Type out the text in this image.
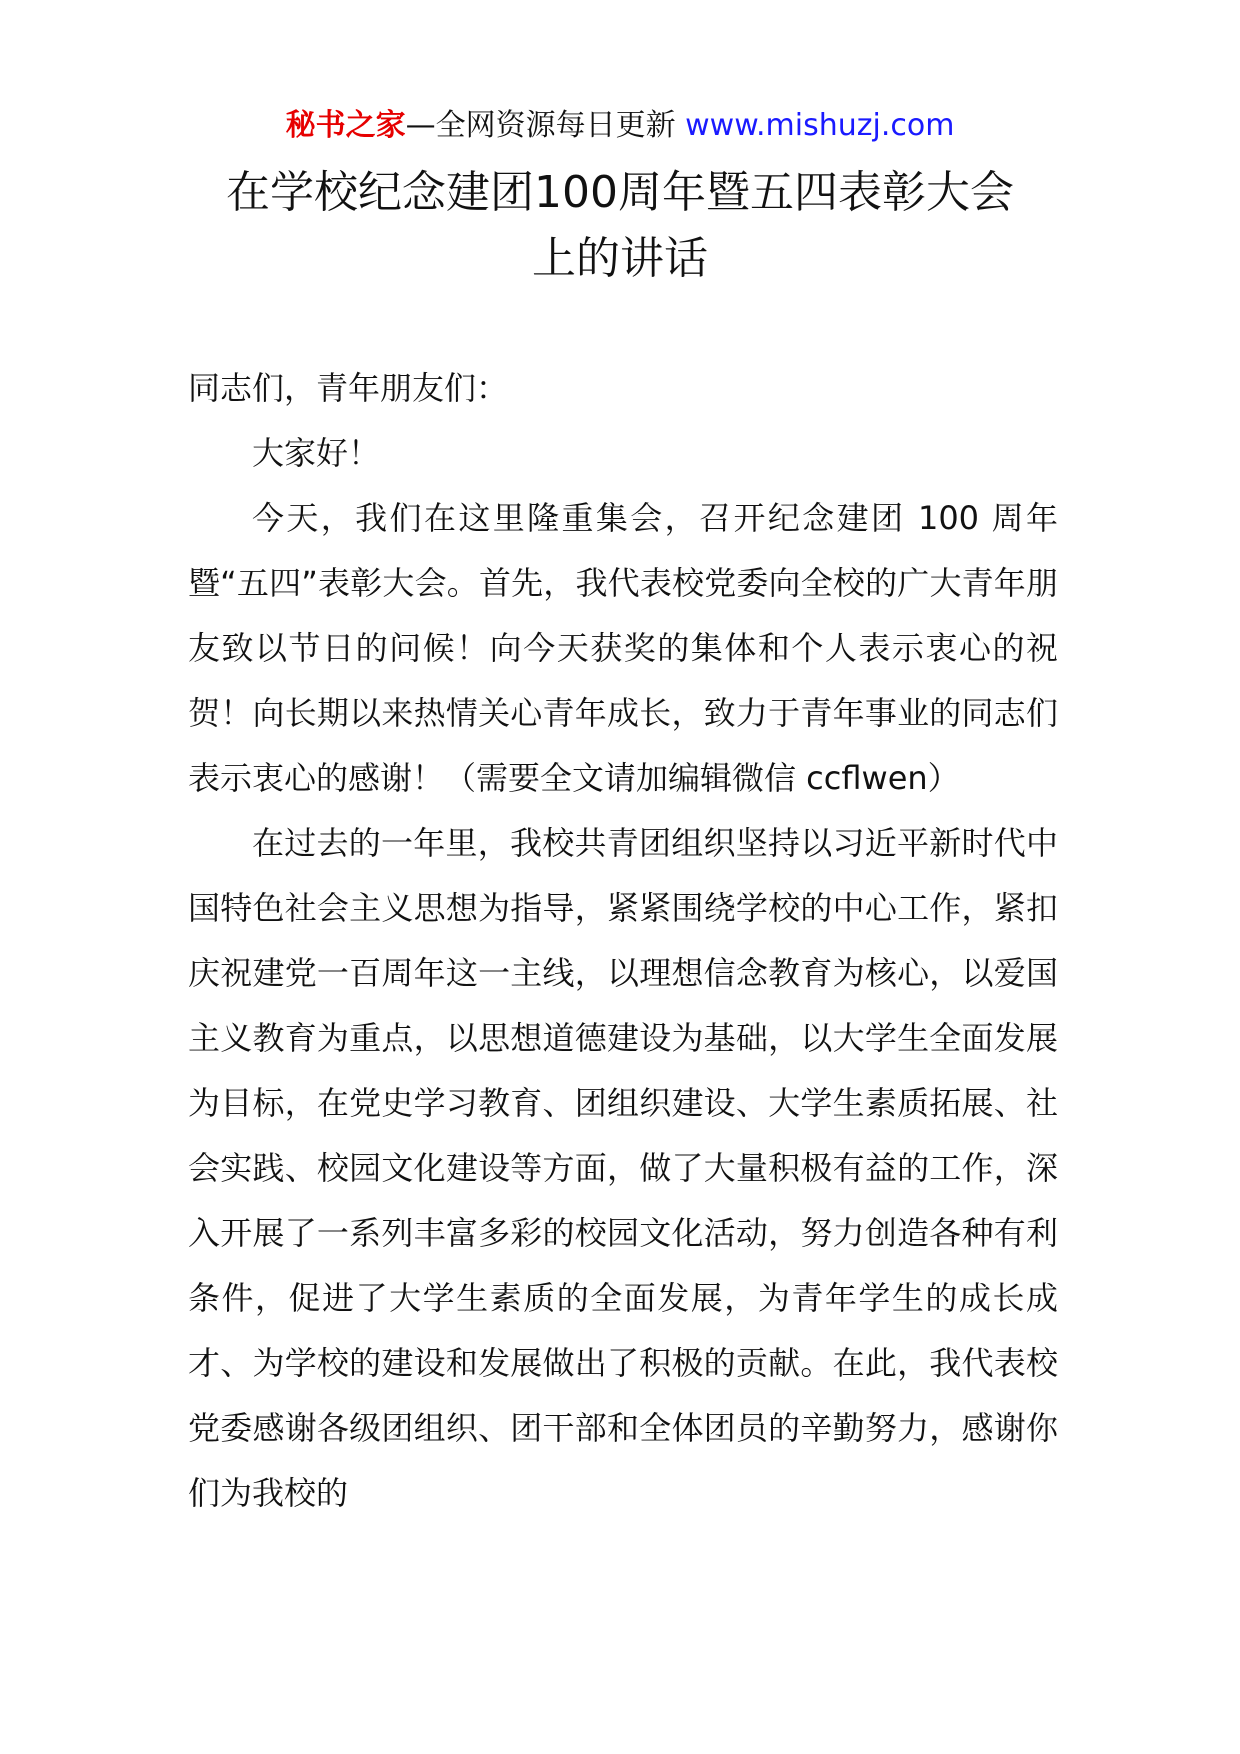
秘书之家—全网资源每日更新 www.mishuzj.com
在学校纪念建团100周年暨五四表彰大会
上的讲话

同志们，青年朋友们：

大家好！

今天，我们在这里隆重集会，召开纪念建团 100 周年暨“五四”表彰大会。首先，我代表校党委向全校的广大青年朋友致以节日的问候！向今天获奖的集体和个人表示衷心的祝贺！向长期以来热情关心青年成长，致力于青年事业的同志们表示衷心的感谢！（需要全文请加编辑微信 ccflwen）

在过去的一年里，我校共青团组织坚持以习近平新时代中国特色社会主义思想为指导，紧紧围绕学校的中心工作，紧扣庆祝建党一百周年这一主线，以理想信念教育为核心，以爱国主义教育为重点，以思想道德建设为基础，以大学生全面发展为目标，在党史学习教育、团组织建设、大学生素质拓展、社会实践、校园文化建设等方面，做了大量积极有益的工作，深入开展了一系列丰富多彩的校园文化活动，努力创造各种有利条件，促进了大学生素质的全面发展，为青年学生的成长成才、为学校的建设和发展做出了积极的贡献。在此，我代表校党委感谢各级团组织、团干部和全体团员的辛勤努力，感谢你们为我校的
